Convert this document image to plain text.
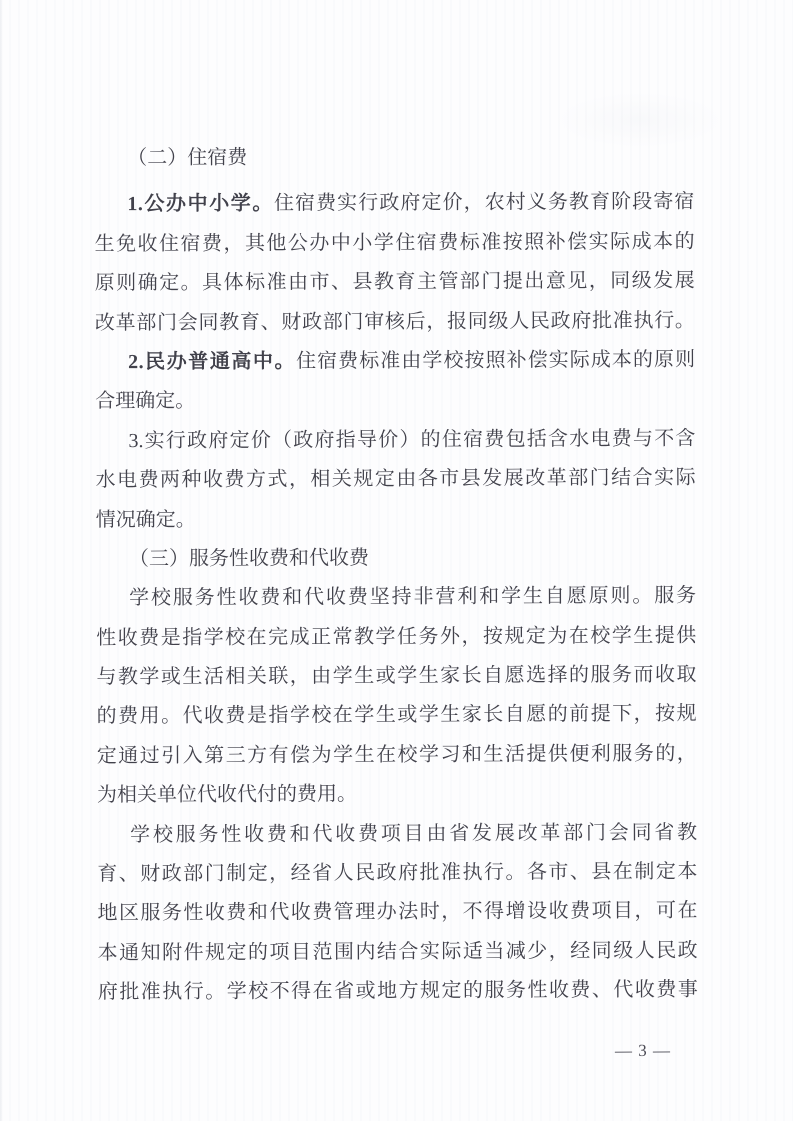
（二）住宿费
1.公办中小学。住宿费实行政府定价，农村义务教育阶段寄宿
生免收住宿费，其他公办中小学住宿费标准按照补偿实际成本的
原则确定。具体标准由市、县教育主管部门提出意见，同级发展
改革部门会同教育、财政部门审核后，报同级人民政府批准执行。
2.民办普通高中。住宿费标准由学校按照补偿实际成本的原则
合理确定。
3.实行政府定价（政府指导价）的住宿费包括含水电费与不含
水电费两种收费方式，相关规定由各市县发展改革部门结合实际
情况确定。
（三）服务性收费和代收费
学校服务性收费和代收费坚持非营利和学生自愿原则。服务
性收费是指学校在完成正常教学任务外，按规定为在校学生提供
与教学或生活相关联，由学生或学生家长自愿选择的服务而收取
的费用。代收费是指学校在学生或学生家长自愿的前提下，按规
定通过引入第三方有偿为学生在校学习和生活提供便利服务的，
为相关单位代收代付的费用。
学校服务性收费和代收费项目由省发展改革部门会同省教
育、财政部门制定，经省人民政府批准执行。各市、县在制定本
地区服务性收费和代收费管理办法时，不得增设收费项目，可在
本通知附件规定的项目范围内结合实际适当减少，经同级人民政
府批准执行。学校不得在省或地方规定的服务性收费、代收费事
— 3 —
